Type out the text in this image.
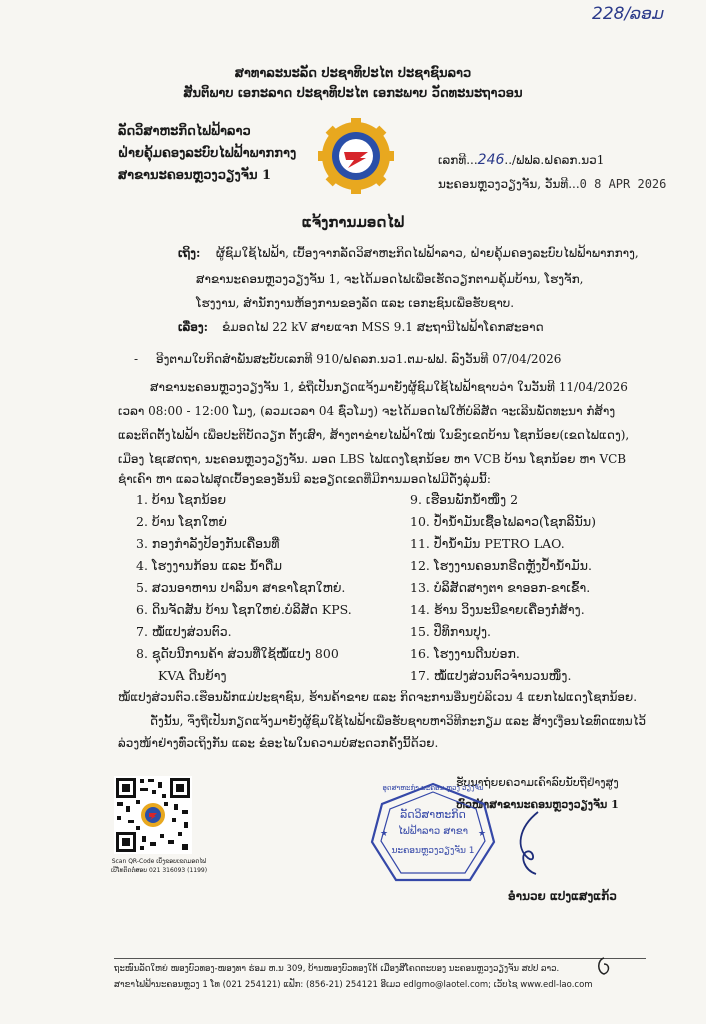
228/ລອມ
ສາທາລະນະລັດ ປະຊາທິປະໄຕ ປະຊາຊົນລາວ
ສັນຕິພາບ ເອກະລາດ ປະຊາທິປະໄຕ ເອກະພາບ ວັດທະນະຖາວອນ
ລັດວິສາຫະກິດໄຟຟ້າລາວ
ຝ່າຍຄຸ້ມຄອງລະບົບໄຟຟ້າພາກກາງ
ສາຂານະຄອນຫຼວງວຽງຈັນ 1
ເລກທີ...246../ຟຟລ.ຝຄລກ.ນວ1
ນະຄອນຫຼວງວຽງຈັນ, ວັນທີ...0 8 APR 2026
ແຈ້ງການມອດໄຟ
ເຖິງ: ຜູ້ຊົມໃຊ້ໄຟຟ້າ, ເບື້ອງຈາກລັດວິສາຫະກິດໄຟຟ້າລາວ, ຝ່າຍຄຸ້ມຄອງລະບົບໄຟຟ້າພາກກາງ,
ສາຂານະຄອນຫຼວງວຽງຈັນ 1, ຈະໄດ້ມອດໄຟເພື່ອເຮັດວຽກຕາມຄຸ້ມບ້ານ, ໂຮງຈັກ,
ໂຮງງານ, ສຳນັກງານຫ້ອງການຂອງລັດ ແລະ ເອກະຊົນເພື່ອຮັບຊາບ.
ເລື່ອງ: ຂໍມອດໄຟ 22 kV ສາຍແຈກ MSS 9.1 ສະຖານີໄຟຟ້າໂຄກສະອາດ
- ອີງຕາມໃບກິດສຳພັນສະບັບເລກທີ 910/ຝຄລກ.ນວ1.ຕມ-ຟຟ. ລົງວັນທີ 07/04/2026
ສາຂານະຄອນຫຼວງວຽງຈັນ 1, ຂໍຖືເປັນກຽດແຈ້ງມາຍັງຜູ້ຊົມໃຊ້ໄຟຟ້າຊາບວ່າ ໃນວັນທີ 11/04/2026
ເວລາ 08:00 - 12:00 ໂມງ, (ລວມເວລາ 04 ຊົ່ວໂມງ) ຈະໄດ້ມອດໄຟໃຫ້ບໍລິສັດ ຈະເລີນພັດທະນາ ກໍ່ສ້າງ
ແລະຕິດຕັ້ງໄຟຟ້າ ເພື່ອປະຕິບັດວຽກ ຕັ້ງເສົາ, ສ້າງຕາຂ່າຍໄຟຟ້າໃໝ່ ໃນຂົງເຂດບ້ານ ໂຊກນ້ອຍ(ເຂດໄຟແດງ),
ເມືອງ ໄຊເສດຖາ, ນະຄອນຫຼວງວຽງຈັນ. ມອດ LBS ໄຟແດງໂຊກນ້ອຍ ຫາ VCB ບ້ານ ໂຊກນ້ອຍ ຫາ VCB
ຊຳເຄົາ ຫາ ແລວໄຟສຸດເບື້ອງຂອງອັນນີ ລະອຽດເຂດທີ່ມີການມອດໄຟມີດັ່ງລຸ່ມນີ້:
1. ບ້ານ ໂຊກນ້ອຍ
2. ບ້ານ ໂຊກໃຫຍ່
3. ກອງກຳລັງປ້ອງກັນເຄື່ອນທີ່
4. ໂຮງງານກ້ອນ ແລະ ນ້ຳດື່ມ
5. ສວນອາຫານ ປາລິນາ ສາຂາໂຊກໃຫຍ່.
6. ດິນຈັດສັນ ບ້ານ ໂຊກໃຫຍ່.ບໍລິສັດ KPS.
7. ໝໍ້ແປງສ່ວນຕົວ.
8. ຊຸດັບນີການຄ້າ ສ່ວນທີ່ໃຊ້ໝໍ້ແປງ 800
KVA ດີນຍ້າງ
9. ເຮືອນພັກນ້ຳໜຶ່ງ 2
10. ປ້ຳນ້ຳມັນເຊື້ອໄຟລາວ(ໂຊກລິນັນ)
11. ປ້ຳນ້ຳມັນ PETRO LAO.
12. ໂຮງງານຄອນກຣີດຫຼັງປ້ຳນ້ຳມັນ.
13. ບໍລິສັດສາງຕາ ຂາອອກ-ຂາເຂົ້າ.
14. ຮ້ານ ວິງນະນີຂາຍເຄື່ອງກໍ່ສ້າງ.
15. ປຶທິການປຸງ.
16. ໂຮງງານດີນບ່ອກ.
17. ໝໍ້ແປງສ່ວນຕົວຈຳນວນໜຶ່ງ.
ໝໍ້ແປງສ່ວນຕົວ.ເຮືອນພັກແມ່ປະຊາຊົນ, ຮ້ານຄ້າຂາຍ ແລະ ກິດຈະການອື່ນໆບໍລິເວນ 4 ແຍກໄຟແດງໂຊກນ້ອຍ.
ດັ່ງນັ້ນ, ຈຶ່ງຖືເປັນກຽດແຈ້ງມາຍັງຜູ້ຊົມໃຊ້ໄຟຟ້າເພື່ອຮັບຊາບຫາວິທີກະກຽມ ແລະ ສ້າງເງື່ອນໄຂທົດແທນໄວ້
ລ່ວງໜ້າຢ່າງທົ່ວເຖິງກັນ ແລະ ຂໍອະໄພໃນຄວາມບໍ່ສະດວກຄັ້ງນີ້ດ້ວຍ.
Scan QR-Code ເບິ່ງຂອບເຂດມອດໄຟ
ເບີໂທຕິດຕໍ່ສອບ 021 316093 (1199)
ຮັບນາຖໍຍຍຄວາມເຄົາລົບນັບຖືຢ່າງສູງ
ຫົວໜ້າສາຂານະຄອນຫຼວງວຽງຈັນ 1
★	★
ອຸດສາຫະກຳ ນະຄອນ ຫຼວງ ວຽງຈັນ
ລັດວິສາຫະກິດ
ໄຟຟ້າລາວ ສາຂາ
ນະຄອນຫຼວງວຽງຈັນ 1
ອຳນວຍ ແປງແສງແກ້ວ
ຖະໜົນລັດໃຫຍ່ ໜອງບົວທອງ-ໜອງທາ ຮ່ອມ ຫ.ນ 309, ບ້ານໜອງບົວທອງໃຕ້ ເມືອງສີໂຄດຕະບອງ ນະຄອນຫຼວງວຽງຈັນ ສປປ ລາວ.
ສາຂາໄຟຟ້ານະຄອນຫຼວງ 1 ໂທ (021 254121) ແຟັກ: (856-21) 254121 ອີເມວ edlgmo@laotel.com; ເວັບໄຊ www.edl-lao.com
